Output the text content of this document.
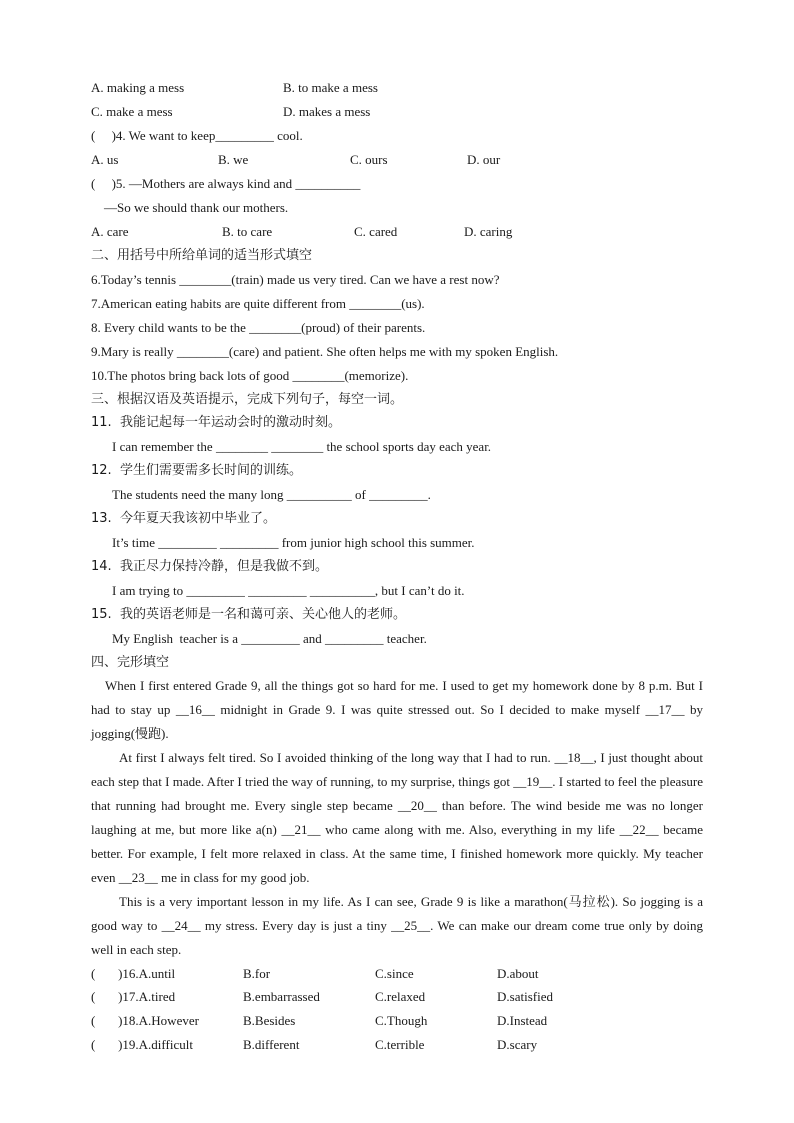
A. making a mess	B. to make a mess
C. make a mess	D. makes a mess
(     )4. We want to keep_________ cool.
A. us	B. we	C. ours	D. our
(     )5. —Mothers are always kind and __________
—So we should thank our mothers.
A. care	B. to care	C. cared	D. caring
二、用括号中所给单词的适当形式填空
6.Today’s tennis ________(train) made us very tired. Can we have a rest now?
7.American eating habits are quite different from ________(us).
8. Every child wants to be the ________(proud) of their parents.
9.Mary is really ________(care) and patient. She often helps me with my spoken English.
10.The photos bring back lots of good ________(memorize).
三、根据汉语及英语提示，完成下列句子，每空一词。
11.  我能记起每一年运动会时的激动时刻。
I can remember the ________ ________ the school sports day each year.
12.  学生们需要需多长时间的训练。
The students need the many long __________ of _________.
13.  今年夏天我该初中毕业了。
It’s time _________ _________ from junior high school this summer.
14.  我正尽力保持冷静，但是我做不到。
I am trying to _________ _________ __________, but I can’t do it.
15.  我的英语老师是一名和蔼可亲、关心他人的老师。
My English  teacher is a _________ and _________ teacher.
四、完形填空

When I first entered Grade 9, all the things got so hard for me. I used to get my homework done by 8 p.m. But I had to stay up __16__ midnight in Grade 9. I was quite stressed out. So I decided to make myself __17__ by jogging(慢跑).

At first I always felt tired. So I avoided thinking of the long way that I had to run. __18__, I just thought about each step that I made. After I tried the way of running, to my surprise, things got __19__. I started to feel the pleasure that running had brought me. Every single step became __20__ than before. The wind beside me was no longer laughing at me, but more like a(n) __21__ who came along with me. Also, everything in my life __22__ became better. For example, I felt more relaxed in class. At the same time, I finished homework more quickly. My teacher even __23__ me in class for my good job.

This is a very important lesson in my life. As I can see, Grade 9 is like a marathon(马拉松). So jogging is a good way to __24__ my stress. Every day is just a tiny __25__. We can make our dream come true only by doing well in each step.

(       )16.A.until	B.for	C.since	D.about
(       )17.A.tired	B.embarrassed	C.relaxed	D.satisfied
(       )18.A.However	B.Besides	C.Though	D.Instead
(       )19.A.difficult	B.different	C.terrible	D.scary
